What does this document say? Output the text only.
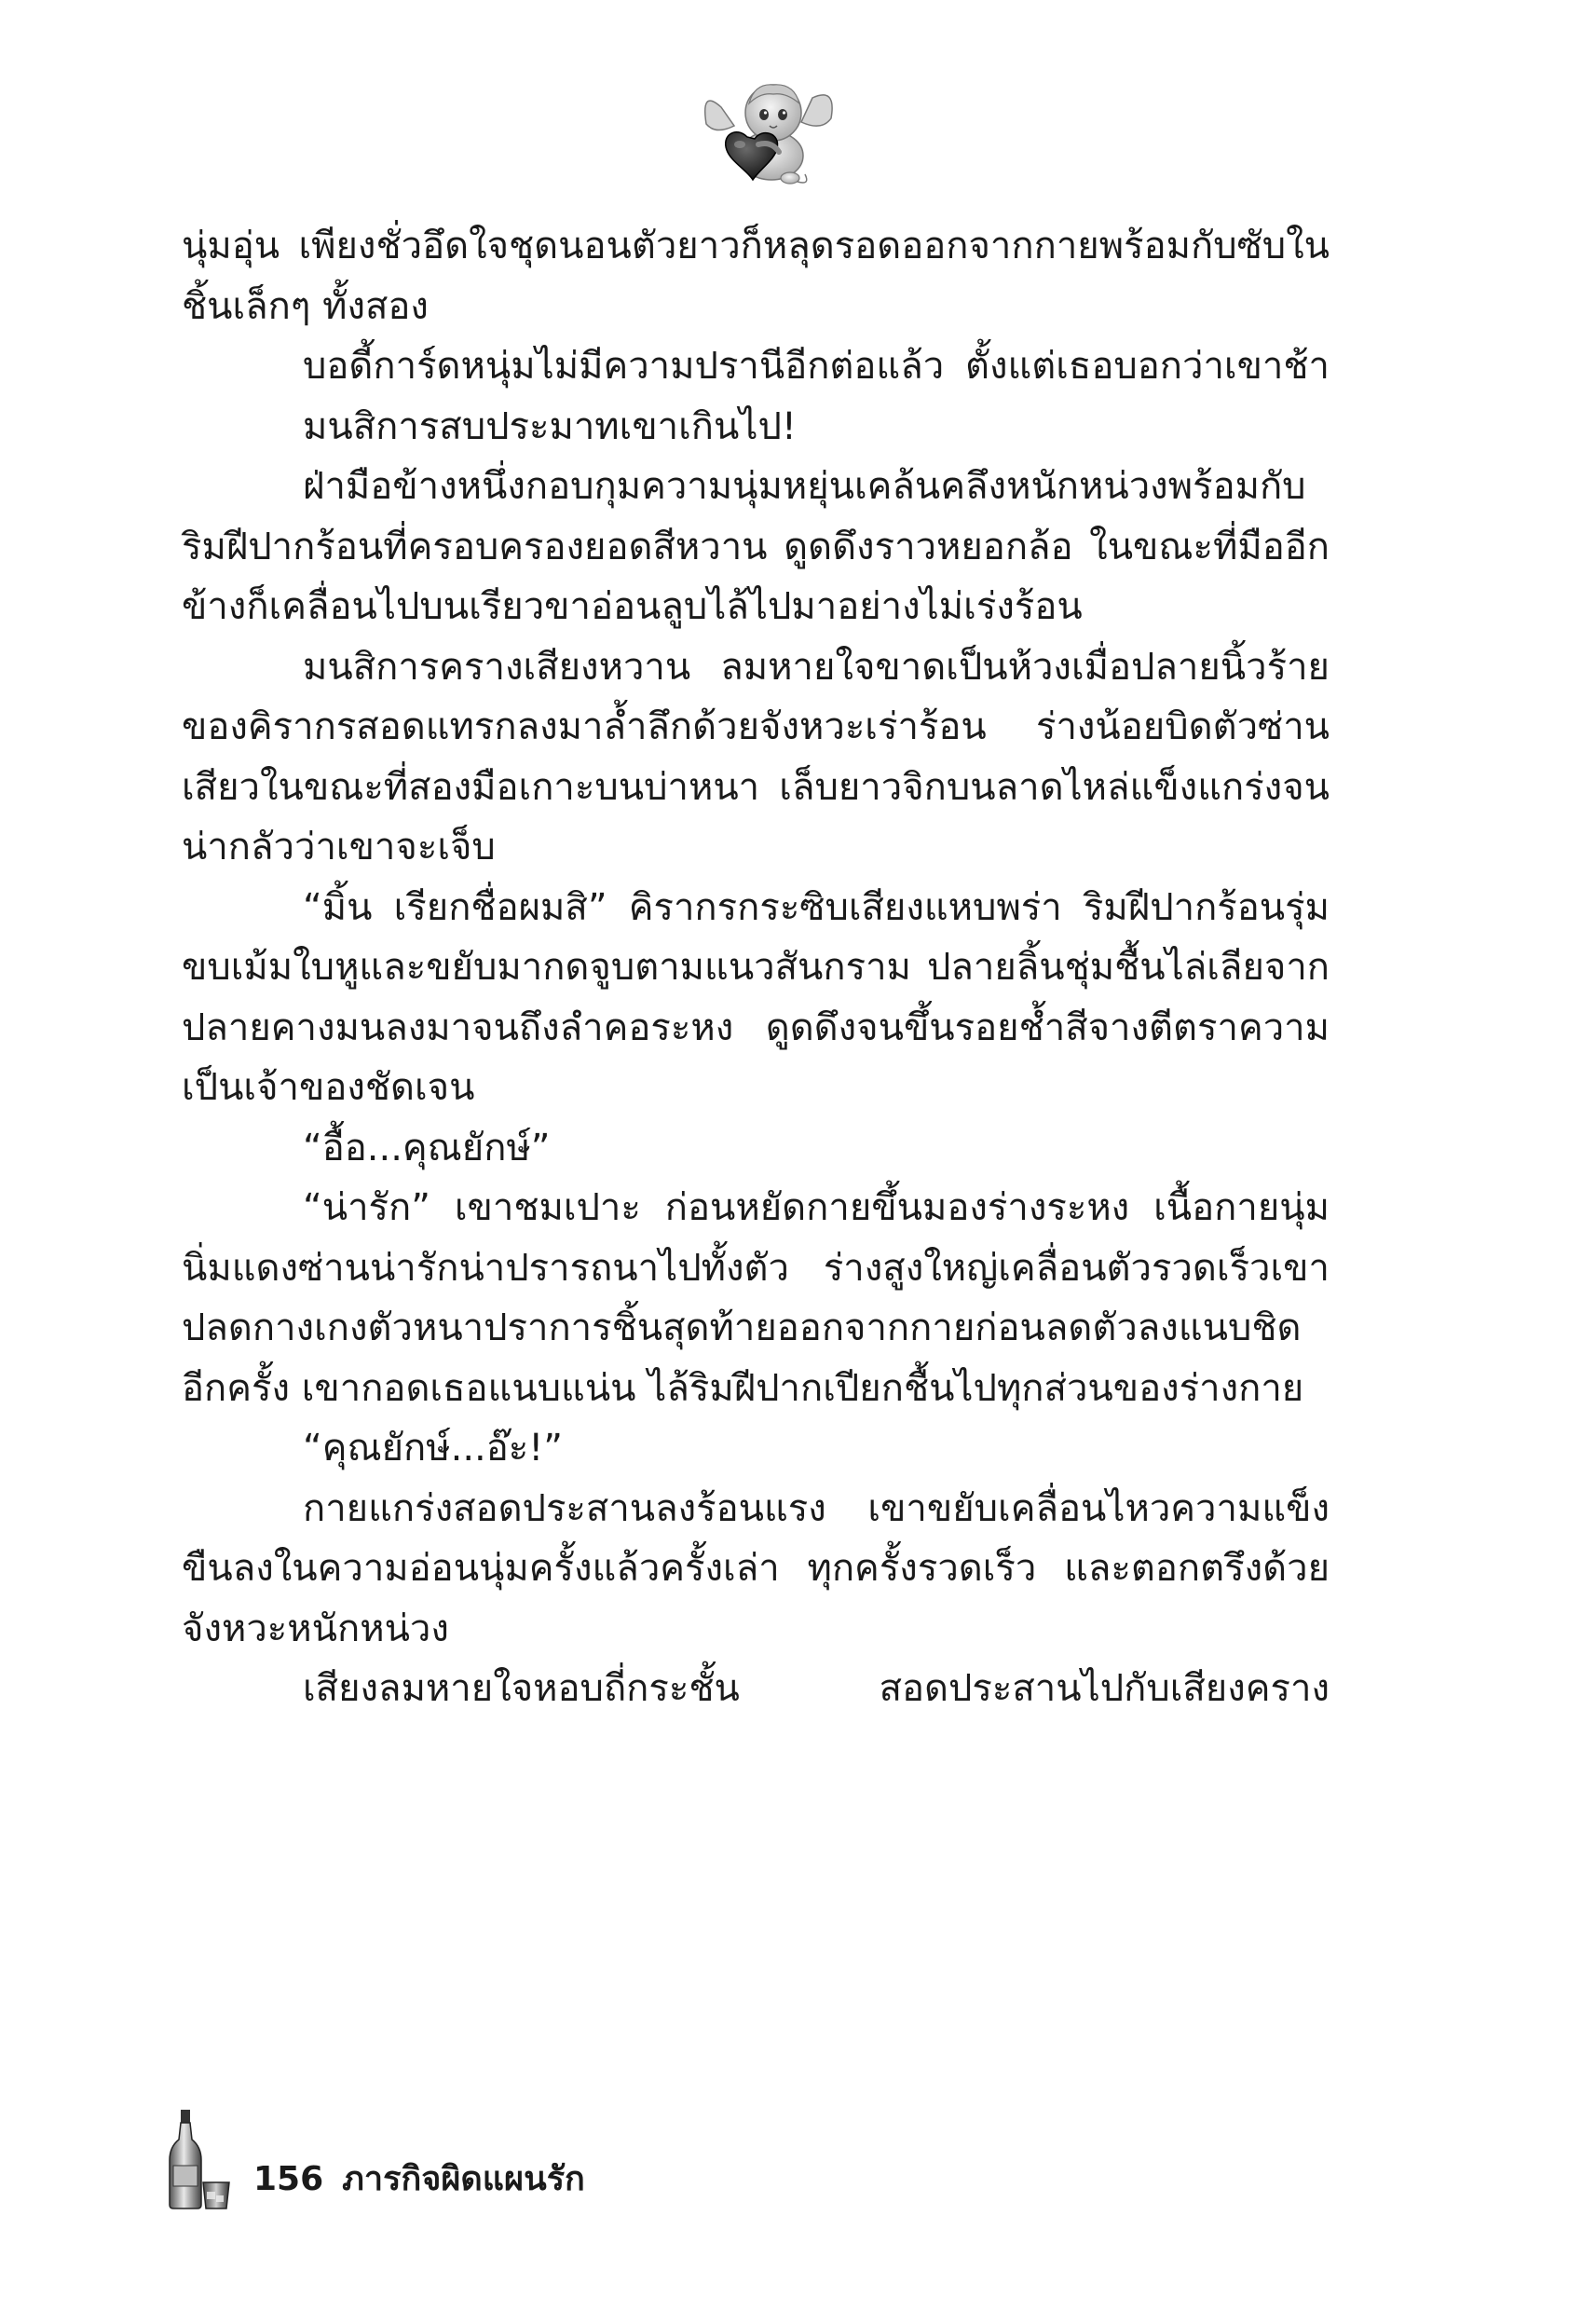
นุ่มอุ่น เพียงชั่วอึดใจชุดนอนตัวยาวก็หลุดรอดออกจากกายพร้อมกับซับในชิ้นเล็กๆ ทั้งสอง

บอดี้การ์ดหนุ่มไม่มีความปรานีอีกต่อแล้ว ตั้งแต่เธอบอกว่าเขาช้า

มนสิการสบประมาทเขาเกินไป!

ฝ่ามือข้างหนึ่งกอบกุมความนุ่มหยุ่นเคล้นคลึงหนักหน่วงพร้อมกับริมฝีปากร้อนที่ครอบครองยอดสีหวาน ดูดดึงราวหยอกล้อ ในขณะที่มืออีกข้างก็เคลื่อนไปบนเรียวขาอ่อนลูบไล้ไปมาอย่างไม่เร่งร้อน

มนสิการครางเสียงหวาน ลมหายใจขาดเป็นห้วงเมื่อปลายนิ้วร้ายของคิรากรสอดแทรกลงมาล้ำลึกด้วยจังหวะเร่าร้อน ร่างน้อยบิดตัวซ่านเสียวในขณะที่สองมือเกาะบนบ่าหนา เล็บยาวจิกบนลาดไหล่แข็งแกร่งจนน่ากลัวว่าเขาจะเจ็บ

“มิ้น เรียกชื่อผมสิ” คิรากรกระซิบเสียงแหบพร่า ริมฝีปากร้อนรุ่มขบเม้มใบหูและขยับมากดจูบตามแนวสันกราม ปลายลิ้นชุ่มชื้นไล่เลียจากปลายคางมนลงมาจนถึงลำคอระหง ดูดดึงจนขึ้นรอยช้ำสีจางตีตราความเป็นเจ้าของชัดเจน

“อื้อ...คุณยักษ์”

“น่ารัก” เขาชมเปาะ ก่อนหยัดกายขึ้นมองร่างระหง เนื้อกายนุ่มนิ่มแดงซ่านน่ารักน่าปรารถนาไปทั้งตัว ร่างสูงใหญ่เคลื่อนตัวรวดเร็วเขาปลดกางเกงตัวหนาปราการชิ้นสุดท้ายออกจากกายก่อนลดตัวลงแนบชิดอีกครั้ง เขากอดเธอแนบแน่น ไล้ริมฝีปากเปียกชื้นไปทุกส่วนของร่างกาย

“คุณยักษ์...อ๊ะ!”

กายแกร่งสอดประสานลงร้อนแรง เขาขยับเคลื่อนไหวความแข็งขืนลงในความอ่อนนุ่มครั้งแล้วครั้งเล่า ทุกครั้งรวดเร็ว และตอกตรึงด้วยจังหวะหนักหน่วง

เสียงลมหายใจหอบถี่กระชั้น สอดประสานไปกับเสียงคราง

156 ภารกิจผิดแผนรัก
